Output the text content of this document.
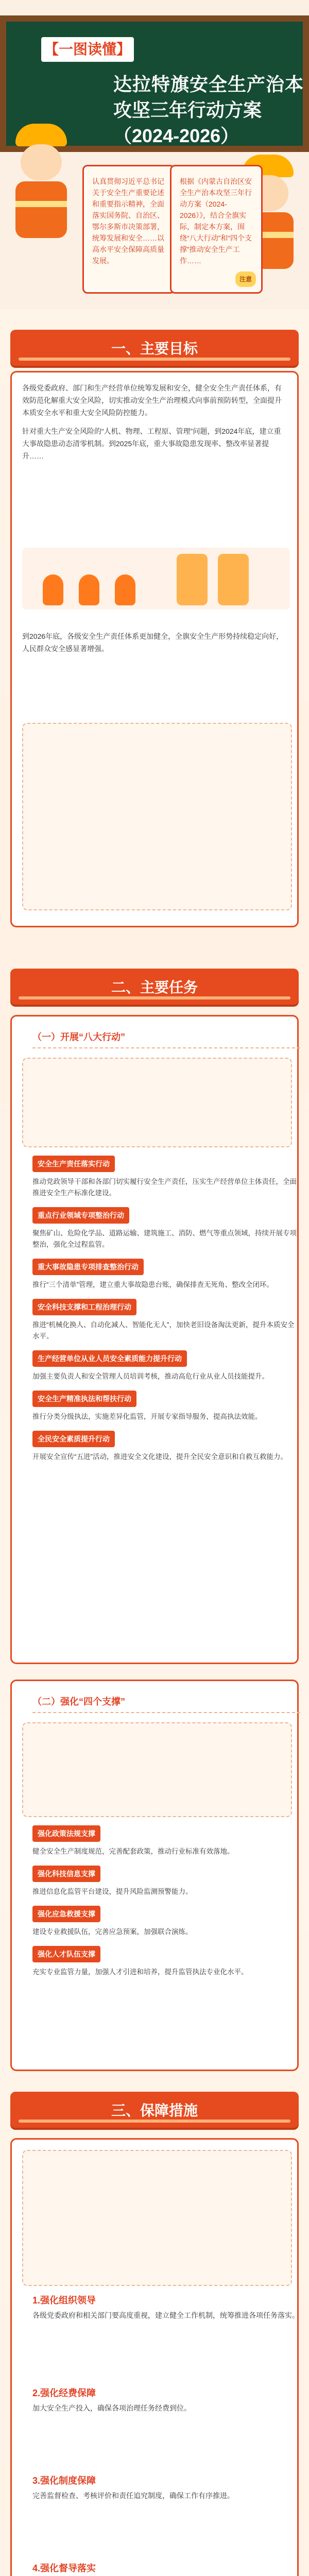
【一图读懂】
达拉特旗安全生产治本
攻坚三年行动方案
（2024-2026）
认真贯彻习近平总书记关于安全生产重要论述和重要指示精神，全面落实国务院、自治区、鄂尔多斯市决策部署，统筹发展和安全……以高水平安全保障高质量发展。
根据《内蒙古自治区安全生产治本攻坚三年行动方案（2024-2026）》，结合全旗实际，制定本方案，围绕“八大行动”和“四个支撑”推动安全生产工作……
注意
一、主要目标

各级党委政府、部门和生产经营单位统筹发展和安全，健全安全生产责任体系，有效防范化解重大安全风险，切实推动安全生产治理模式向事前预防转型，全面提升本质安全水平和重大安全风险防控能力。

针对重大生产安全风险的“人机、物理、工程原、管理”问题，到2024年底，建立重大事故隐患动态清零机制。到2025年底，重大事故隐患发现率、整改率显著提升……

到2026年底，各级安全生产责任体系更加健全，全旗安全生产形势持续稳定向好，人民群众安全感显著增强。

二、主要任务
（一）开展“八大行动”
安全生产责任落实行动
推动党政领导干部和各部门切实履行安全生产责任，压实生产经营单位主体责任，全面推进安全生产标准化建设。
重点行业领域专项整治行动
聚焦矿山、危险化学品、道路运输、建筑施工、消防、燃气等重点领域，持续开展专项整治，强化全过程监管。
重大事故隐患专项排查整治行动
推行“三个清单”管理，建立重大事故隐患台账，确保排查无死角、整改全闭环。
安全科技支撑和工程治理行动
推进“机械化换人、自动化减人、智能化无人”，加快老旧设备淘汰更新，提升本质安全水平。
生产经营单位从业人员安全素质能力提升行动
加强主要负责人和安全管理人员培训考核，推动高危行业从业人员技能提升。
安全生产精准执法和帮扶行动
推行分类分级执法，实施差异化监管，开展专家指导服务，提高执法效能。
全民安全素质提升行动
开展安全宣传“五进”活动，推进安全文化建设，提升全民安全意识和自救互救能力。
（二）强化“四个支撑”
强化政策法规支撑
健全安全生产制度规范，完善配套政策，推动行业标准有效落地。
强化科技信息支撑
推进信息化监管平台建设，提升风险监测预警能力。
强化应急救援支撑
建设专业救援队伍，完善应急预案，加强联合演练。
强化人才队伍支撑
充实专业监管力量，加强人才引进和培养，提升监管执法专业化水平。
三、保障措施
1.强化组织领导
各级党委政府和相关部门要高度重视，建立健全工作机制，统筹推进各项任务落实。
2.强化经费保障
加大安全生产投入，确保各项治理任务经费到位。
3.强化制度保障
完善监督检查、考核评价和责任追究制度，确保工作有序推进。
4.强化督导落实
